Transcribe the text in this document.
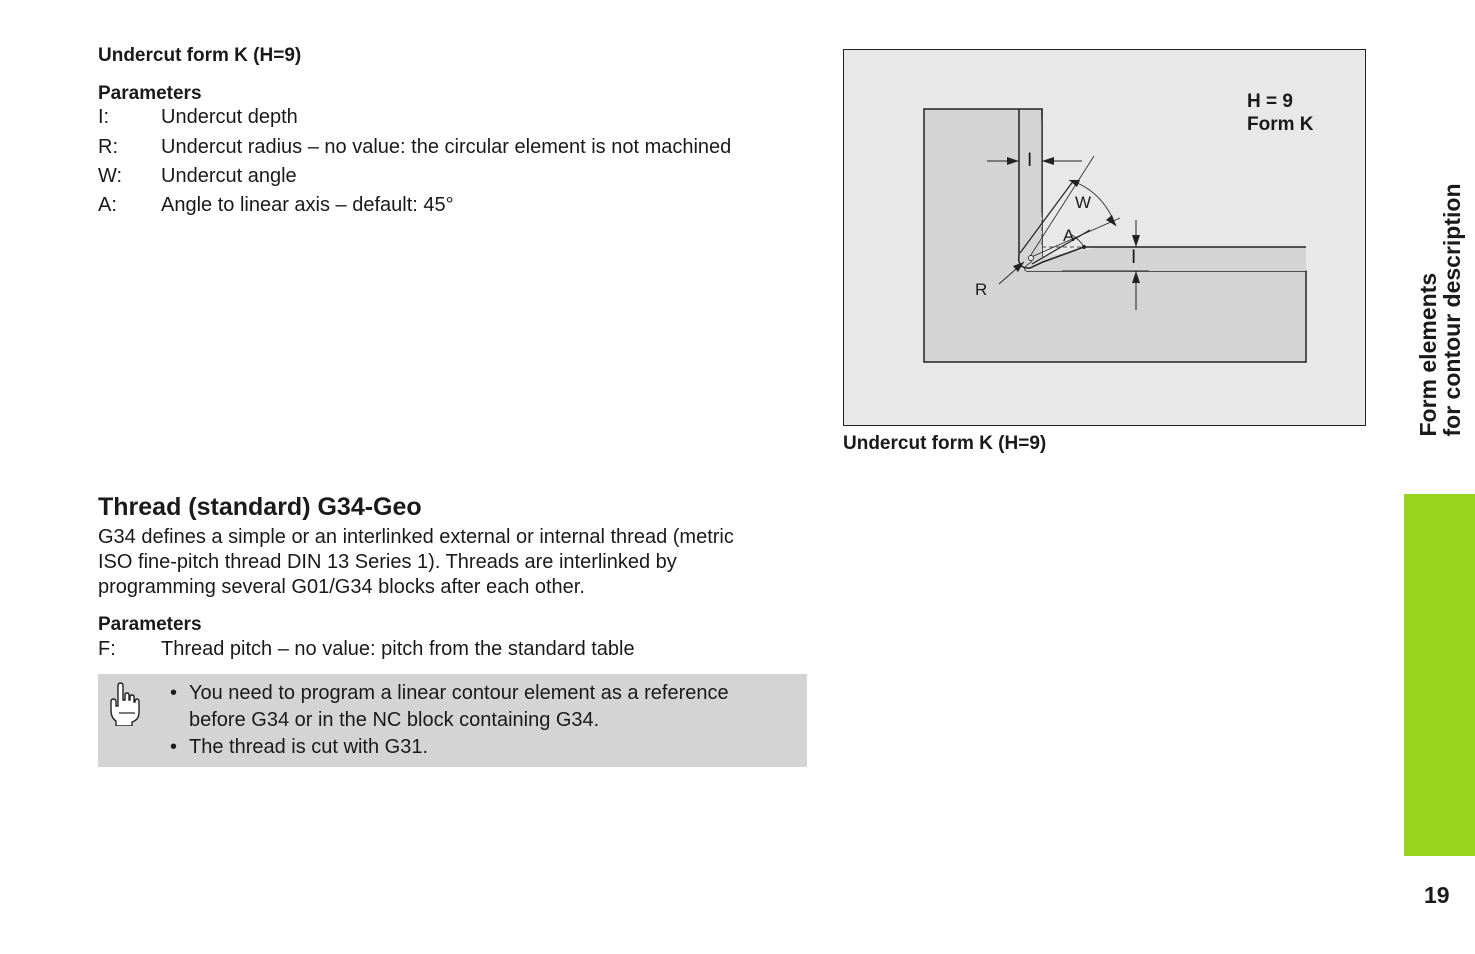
Undercut form K (H=9)
Parameters
I:	Undercut depth
R: Undercut radius – no value: the circular element is not machined
W: Undercut angle
A: Angle to linear axis – default: 45°
I
I
W
A
R
H = 9
Form K
Undercut form K (H=9)
Thread (standard) G34-Geo
G34 defines a simple or an interlinked external or internal thread (metric
ISO fine-pitch thread DIN 13 Series 1). Threads are interlinked by
programming several G01/G34 blocks after each other.
Parameters
F: Thread pitch – no value: pitch from the standard table
• You need to program a linear contour element as a reference
before G34 or in the NC block containing G34.
• The thread is cut with G31.
Form elements
for contour description
19
